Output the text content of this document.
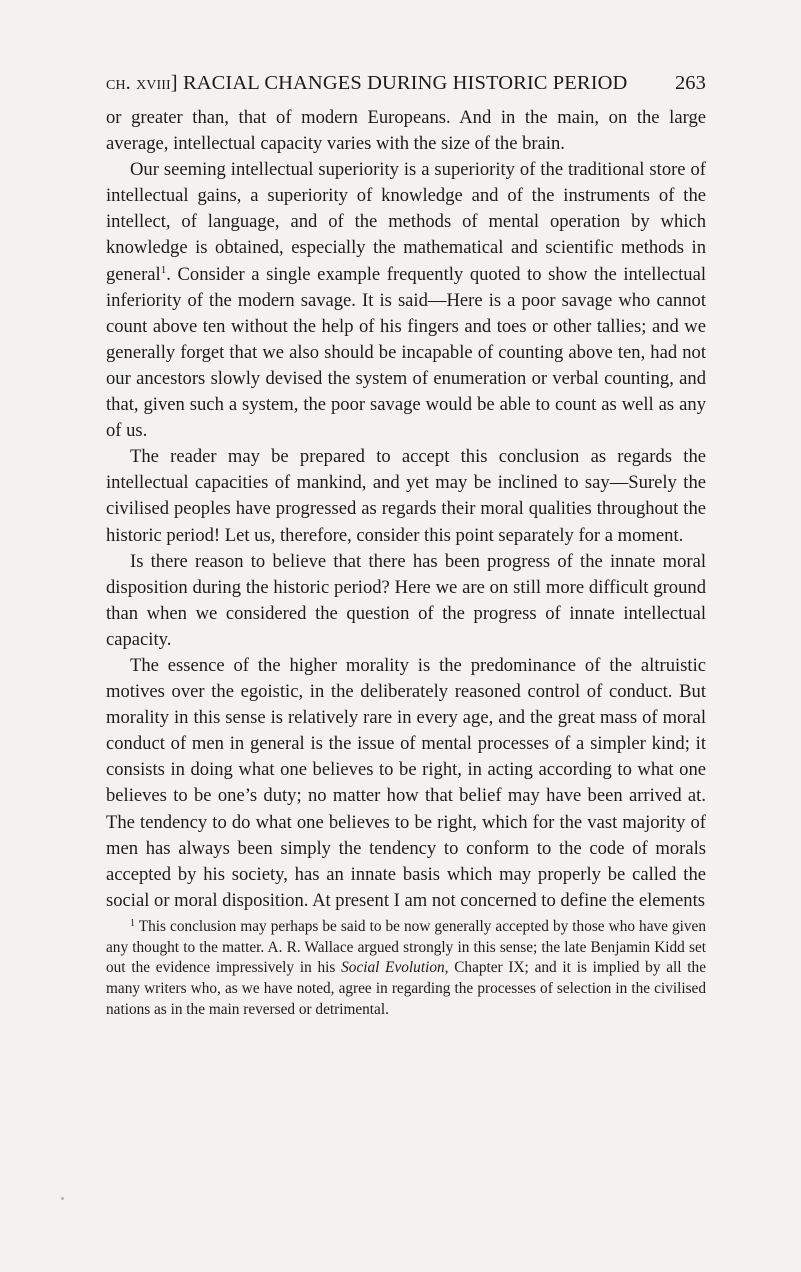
ch. xviii] RACIAL CHANGES DURING HISTORIC PERIOD 263

or greater than, that of modern Europeans. And in the main, on the large average, intellectual capacity varies with the size of the brain.

Our seeming intellectual superiority is a superiority of the traditional store of intellectual gains, a superiority of knowledge and of the instruments of the intellect, of language, and of the methods of mental operation by which knowledge is obtained, especially the mathematical and scientific methods in general$^1$. Consider a single example frequently quoted to show the intellectual inferiority of the modern savage. It is said—Here is a poor savage who cannot count above ten without the help of his fingers and toes or other tallies; and we generally forget that we also should be incapable of counting above ten, had not our ancestors slowly devised the system of enumeration or verbal counting, and that, given such a system, the poor savage would be able to count as well as any of us.

The reader may be prepared to accept this conclusion as regards the intellectual capacities of mankind, and yet may be inclined to say—Surely the civilised peoples have progressed as regards their moral qualities throughout the historic period! Let us, therefore, consider this point separately for a moment.

Is there reason to believe that there has been progress of the innate moral disposition during the historic period? Here we are on still more difficult ground than when we considered the question of the progress of innate intellectual capacity.

The essence of the higher morality is the predominance of the altruistic motives over the egoistic, in the deliberately reasoned control of conduct. But morality in this sense is relatively rare in every age, and the great mass of moral conduct of men in general is the issue of mental processes of a simpler kind; it consists in doing what one believes to be right, in acting according to what one believes to be one’s duty; no matter how that belief may have been arrived at. The tendency to do what one believes to be right, which for the vast majority of men has always been simply the tendency to conform to the code of morals accepted by his society, has an innate basis which may properly be called the social or moral disposition. At present I am not concerned to define the elements

$^1$ This conclusion may perhaps be said to be now generally accepted by those who have given any thought to the matter. A. R. Wallace argued strongly in this sense; the late Benjamin Kidd set out the evidence impressively in his Social Evolution, Chapter IX; and it is implied by all the many writers who, as we have noted, agree in regarding the processes of selection in the civilised nations as in the main reversed or detrimental.
